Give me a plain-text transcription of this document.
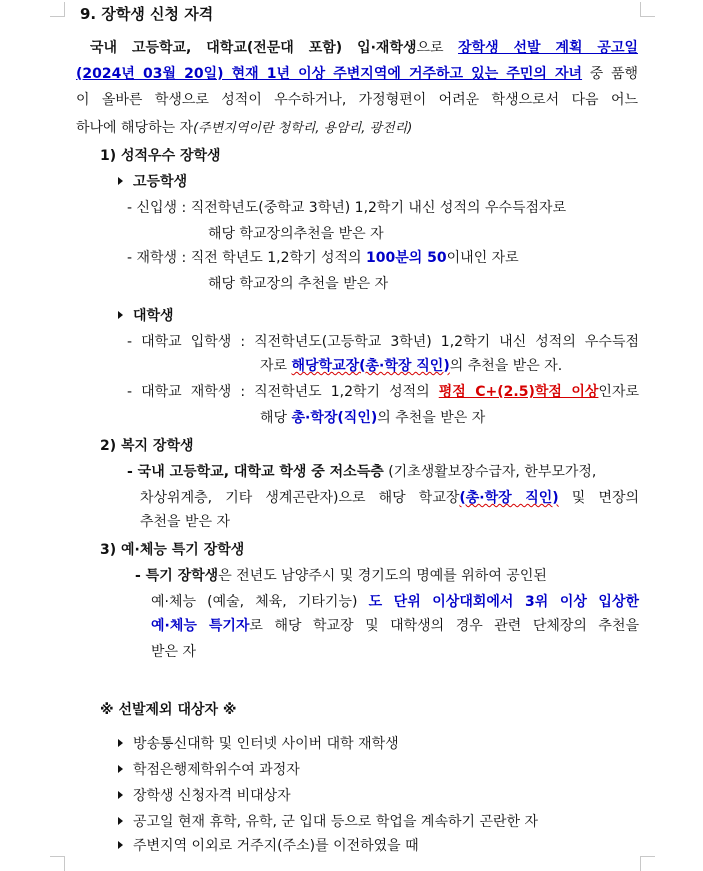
9. 장학생 신청 자격
국내 고등학교, 대학교(전문대 포함) 입·재학생으로 장학생 선발 계획 공고일
(2024년 03월 20일) 현재 1년 이상 주변지역에 거주하고 있는 주민의 자녀 중 품행
이 올바른 학생으로 성적이 우수하거나, 가정형편이 어려운 학생으로서 다음 어느
하나에 해당하는 자(주변지역이란 청학리, 용암리, 광전리)
1) 성적우수 장학생
고등학생
- 신입생 : 직전학년도(중학교 3학년) 1,2학기 내신 성적의 우수득점자로
해당 학교장의추천을 받은 자
- 재학생 : 직전 학년도 1,2학기 성적의 100분의 50이내인 자로
해당 학교장의 추천을 받은 자
대학생
- 대학교 입학생 : 직전학년도(고등학교 3학년) 1,2학기 내신 성적의 우수득점
자로 해당학교장(총·학장 직인)의 추천을 받은 자.
- 대학교 재학생 : 직전학년도 1,2학기 성적의 평점 C+(2.5)학점 이상인자로
해당 총·학장(직인)의 추천을 받은 자
2) 복지 장학생
- 국내 고등학교, 대학교 학생 중 저소득층 (기초생활보장수급자, 한부모가정,
차상위계층, 기타 생계곤란자)으로 해당 학교장(총·학장 직인) 및 면장의
추천을 받은 자
3) 예·체능 특기 장학생
- 특기 장학생은 전년도 남양주시 및 경기도의 명예를 위하여 공인된
예·체능 (예술, 체육, 기타기능) 도 단위 이상대회에서 3위 이상 입상한
예·체능 특기자로 해당 학교장 및 대학생의 경우 관련 단체장의 추천을
받은 자
※ 선발제외 대상자 ※
방송통신대학 및 인터넷 사이버 대학 재학생
학점은행제학위수여 과정자
장학생 신청자격 비대상자
공고일 현재 휴학, 유학, 군 입대 등으로 학업을 계속하기 곤란한 자
주변지역 이외로 거주지(주소)를 이전하였을 때
